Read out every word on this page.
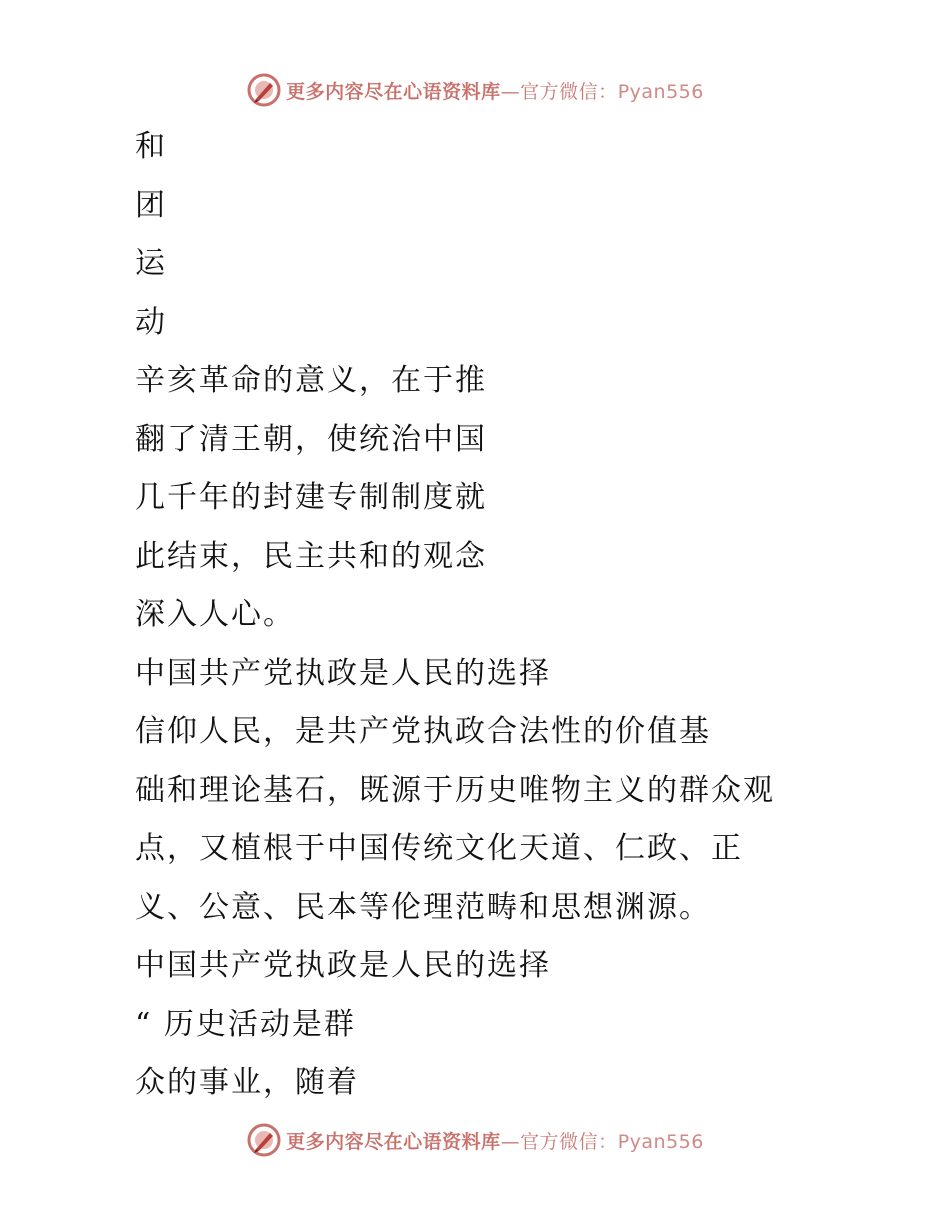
更多内容尽在心语资料库—官方微信：Pyan556
和
团
运
动
辛亥革命的意义，在于推
翻了清王朝，使统治中国
几千年的封建专制制度就
此结束，民主共和的观念
深入人心。
中国共产党执政是人民的选择
信仰人民，是共产党执政合法性的价值基
础和理论基石，既源于历史唯物主义的群众观
点，又植根于中国传统文化天道、仁政、正
义、公意、民本等伦理范畴和思想渊源。
中国共产党执政是人民的选择
“ 历史活动是群
众的事业，随着
更多内容尽在心语资料库—官方微信：Pyan556
